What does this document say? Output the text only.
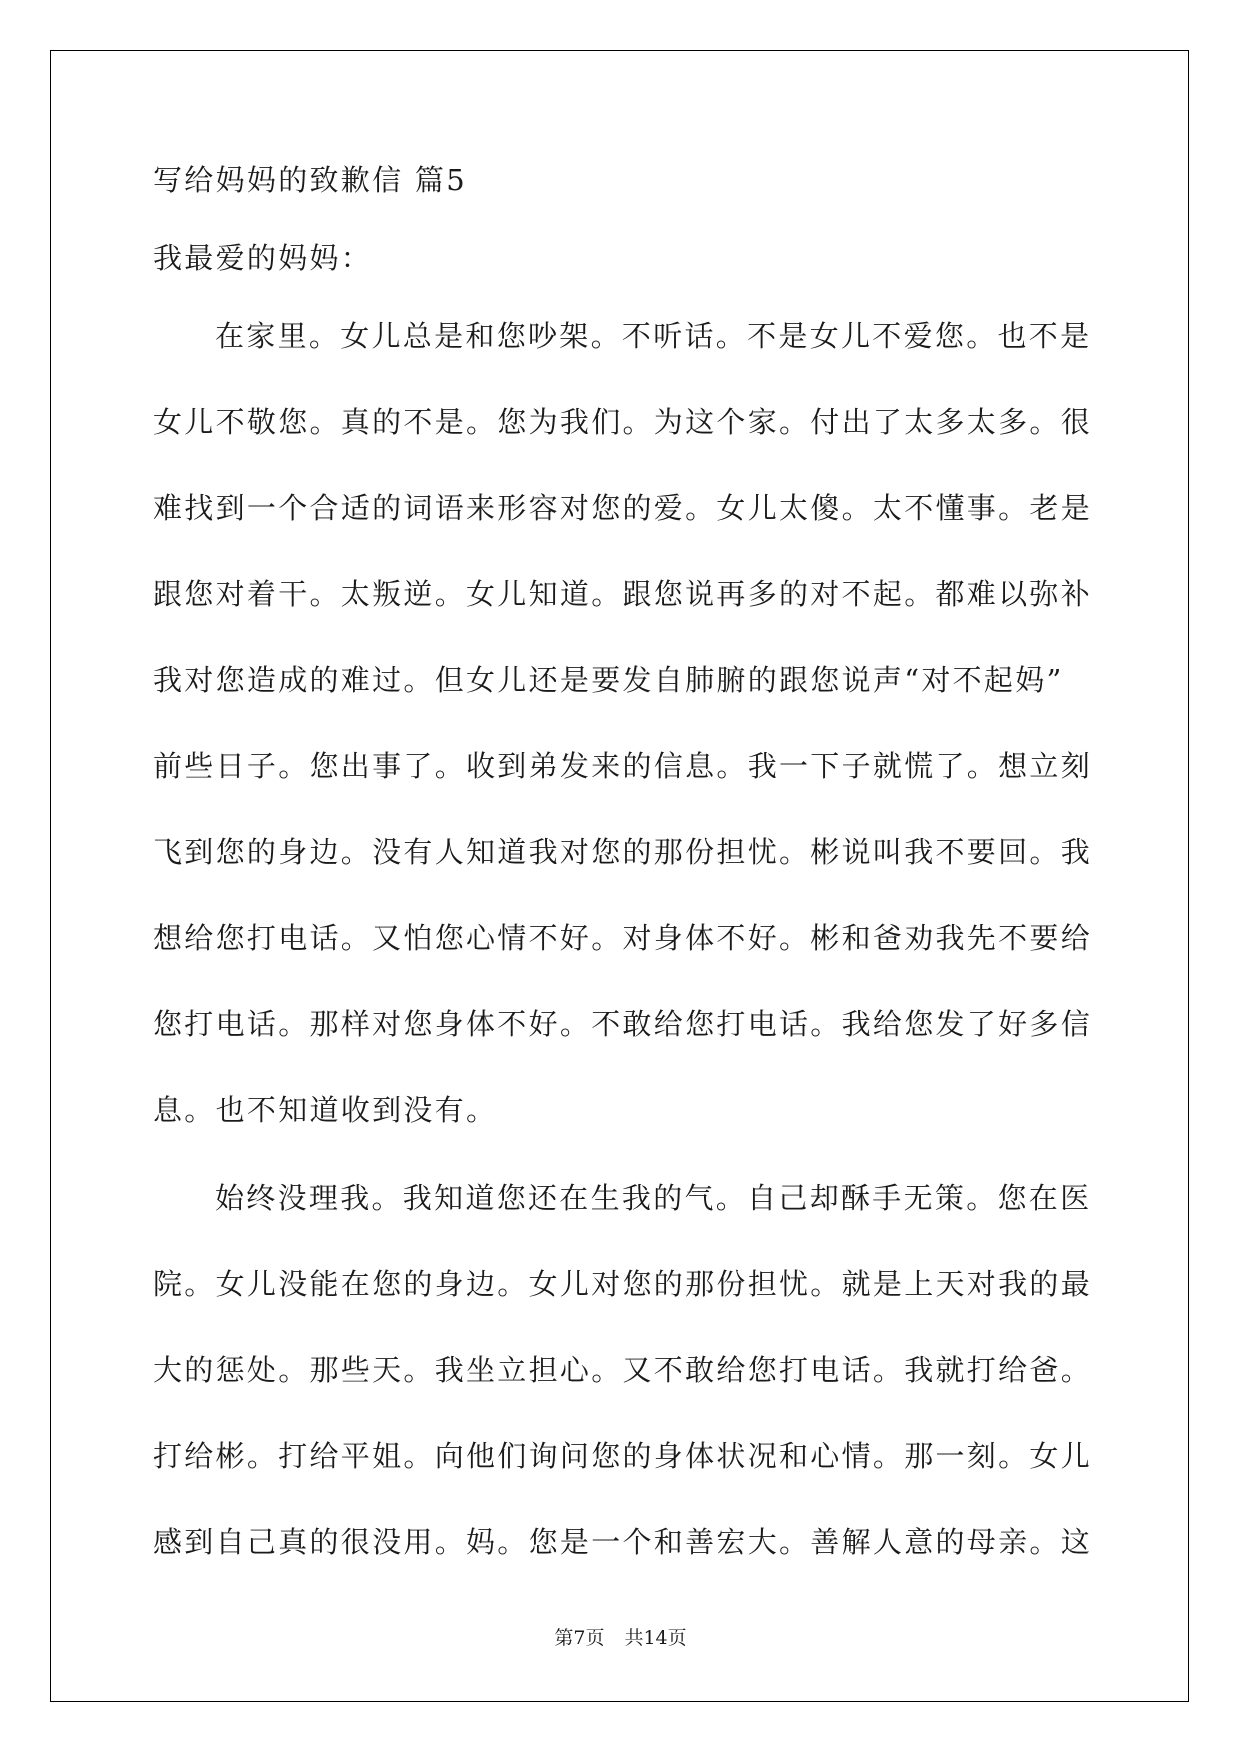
写给妈妈的致歉信 篇5
我最爱的妈妈：
在家里。女儿总是和您吵架。不听话。不是女儿不爱您。也不是
女儿不敬您。真的不是。您为我们。为这个家。付出了太多太多。很
难找到一个合适的词语来形容对您的爱。女儿太傻。太不懂事。老是
跟您对着干。太叛逆。女儿知道。跟您说再多的对不起。都难以弥补
我对您造成的难过。但女儿还是要发自肺腑的跟您说声“对不起妈”
前些日子。您出事了。收到弟发来的信息。我一下子就慌了。想立刻
飞到您的身边。没有人知道我对您的那份担忧。彬说叫我不要回。我
想给您打电话。又怕您心情不好。对身体不好。彬和爸劝我先不要给
您打电话。那样对您身体不好。不敢给您打电话。我给您发了好多信
息。也不知道收到没有。
始终没理我。我知道您还在生我的气。自己却酥手无策。您在医
院。女儿没能在您的身边。女儿对您的那份担忧。就是上天对我的最
大的惩处。那些天。我坐立担心。又不敢给您打电话。我就打给爸。
打给彬。打给平姐。向他们询问您的身体状况和心情。那一刻。女儿
感到自己真的很没用。妈。您是一个和善宏大。善解人意的母亲。这
第7页 共14页
